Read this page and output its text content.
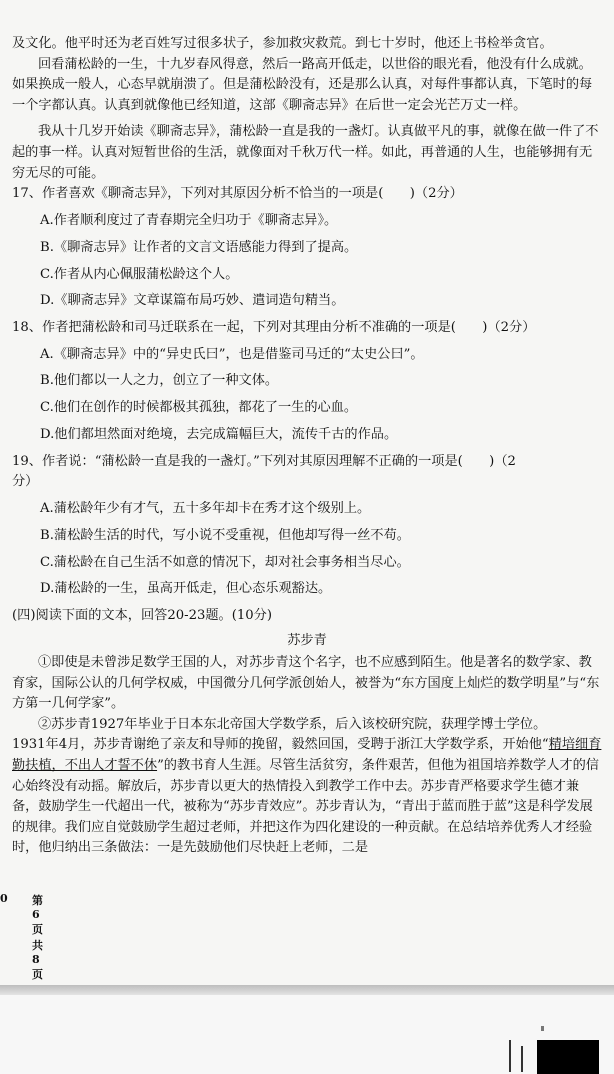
及文化。他平时还为老百姓写过很多状子，参加救灾救荒。到七十岁时，他还上书检举贪官。

回看蒲松龄的一生，十九岁春风得意，然后一路高开低走，以世俗的眼光看，他没有什么成就。如果换成一般人，心态早就崩溃了。但是蒲松龄没有，还是那么认真，对每件事都认真，下笔时的每一个字都认真。认真到就像他已经知道，这部《聊斋志异》在后世一定会光芒万丈一样。

我从十几岁开始读《聊斋志异》，蒲松龄一直是我的一盏灯。认真做平凡的事，就像在做一件了不起的事一样。认真对短暂世俗的生活，就像面对千秋万代一样。如此，再普通的人生，也能够拥有无穷无尽的可能。

17、作者喜欢《聊斋志异》，下列对其原因分析不恰当的一项是(　　)（2分）

A.作者顺利度过了青春期完全归功于《聊斋志异》。

B.《聊斋志异》让作者的文言文语感能力得到了提高。

C.作者从内心佩服蒲松龄这个人。

D.《聊斋志异》文章谋篇布局巧妙、遣词造句精当。

18、作者把蒲松龄和司马迁联系在一起，下列对其理由分析不准确的一项是(　　)（2分）

A.《聊斋志异》中的“异史氏曰”，也是借鉴司马迁的“太史公曰”。

B.他们都以一人之力，创立了一种文体。

C.他们在创作的时候都极其孤独，都花了一生的心血。

D.他们都坦然面对绝境，去完成篇幅巨大，流传千古的作品。

19、作者说：“蒲松龄一直是我的一盏灯。”下列对其原因理解不正确的一项是(　　)（2

分）

A.蒲松龄年少有才气，五十多年却卡在秀才这个级别上。

B.蒲松龄生活的时代，写小说不受重视，但他却写得一丝不苟。

C.蒲松龄在自己生活不如意的情况下，却对社会事务相当尽心。

D.蒲松龄的一生，虽高开低走，但心态乐观豁达。

(四)阅读下面的文本，回答20-23题。(10分)

苏步青

①即使是未曾涉足数学王国的人，对苏步青这个名字，也不应感到陌生。他是著名的数学家、教育家，国际公认的几何学权威，中国微分几何学派创始人，被誉为“东方国度上灿烂的数学明星”与“东方第一几何学家”。

②苏步青1927年毕业于日本东北帝国大学数学系，后入该校研究院，获理学博士学位。

1931年4月，苏步青谢绝了亲友和导师的挽留，毅然回国，受聘于浙江大学数学系，开始他“精培细育勤扶植，不出人才誓不休”的教书育人生涯。尽管生活贫穷，条件艰苦，但他为祖国培养数学人才的信心始终没有动摇。解放后，苏步青以更大的热情投入到教学工作中去。苏步青严格要求学生德才兼备，鼓励学生一代超出一代，被称为“苏步青效应”。苏步青认为，“青出于蓝而胜于蓝”这是科学发展的规律。我们应自觉鼓励学生超过老师，并把这作为四化建设的一种贡献。在总结培养优秀人才经验时，他归纳出三条做法：一是先鼓励他们尽快赶上老师，二是

0 第6页共8页
